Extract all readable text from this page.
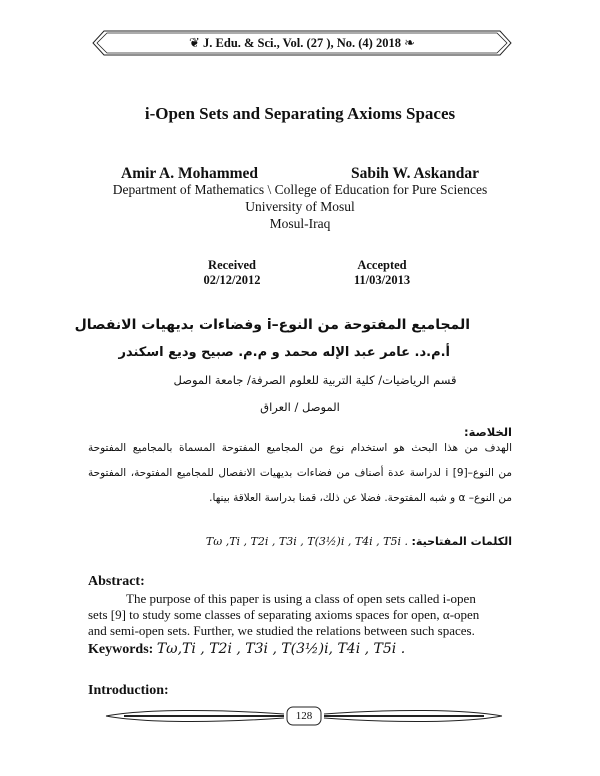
❦ J. Edu. & Sci., Vol. (27 ), No. (4) 2018 ❧
i-Open Sets and Separating Axioms Spaces
Amir A. Mohammed	Sabih W. Askandar
Department of Mathematics \ College of Education for Pure Sciences
University of Mosul
Mosul-Iraq
Received
02/12/2012
Accepted
11/03/2013
المجاميع المفتوحة من النوع–i وفضاءات بديهيات الانفصال
أ.م.د. عامر عبد الإله محمد و م.م. صبيح وديع اسكندر
قسم الرياضيات/ كلية التربية للعلوم الصرفة/ جامعة الموصل
الموصل / العراق
الخلاصة:
الهدف من هذا البحث هو استخدام نوع من المجاميع المفتوحة المسماة بالمجاميع المفتوحة
من النوع–i [9] لدراسة عدة أصناف من فضاءات بديهيات الانفصال للمجاميع المفتوحة، المفتوحة
من النوع– α و شبه المفتوحة. فضلا عن ذلك، قمنا بدراسة العلاقة بينها.
الكلمات المفتاحية: Tω ,Ti , T2i , T3i , T(3½)i , T4i , T5i .
Abstract:
The purpose of this paper is using a class of open sets called i-open
sets [9] to study some classes of separating axioms spaces for open, α-open
and semi-open sets. Further, we studied the relations between such spaces.
Keywords: Tω,Ti , T2i , T3i , T(3½)i, T4i , T5i .
Introduction:
128
